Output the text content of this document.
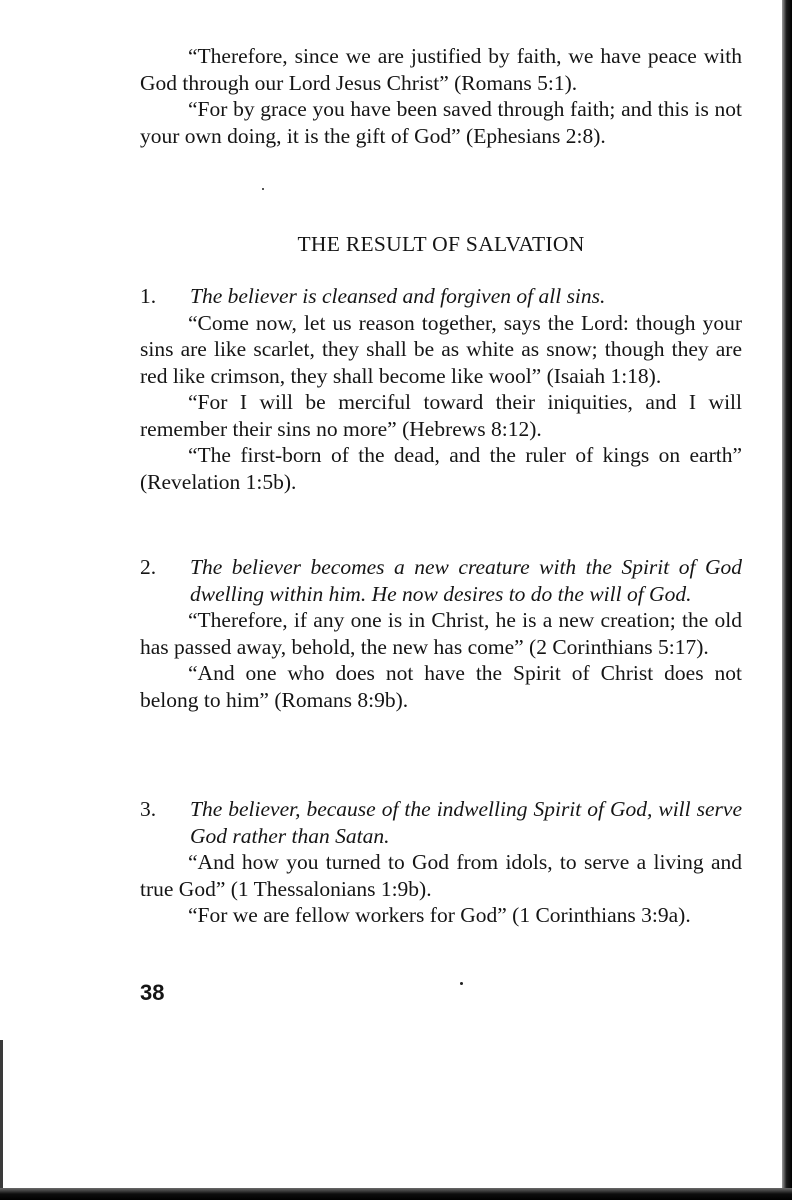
“Therefore, since we are justified by faith, we have peace with God through our Lord Jesus Christ” (Romans 5:1).

“For by grace you have been saved through faith; and this is not your own doing, it is the gift of God” (Ephesians 2:8).

THE RESULT OF SALVATION

1. The believer is cleansed and forgiven of all sins.

“Come now, let us reason together, says the Lord: though your sins are like scarlet, they shall be as white as snow; though they are red like crimson, they shall become like wool” (Isaiah 1:18).

“For I will be merciful toward their iniquities, and I will remember their sins no more” (Hebrews 8:12).

“The first-born of the dead, and the ruler of kings on earth” (Revelation 1:5b).

2. The believer becomes a new creature with the Spirit of God dwelling within him. He now desires to do the will of God.

“Therefore, if any one is in Christ, he is a new creation; the old has passed away, behold, the new has come” (2 Corinthians 5:17).

“And one who does not have the Spirit of Christ does not belong to him” (Romans 8:9b).

3. The believer, because of the indwelling Spirit of God, will serve God rather than Satan.

“And how you turned to God from idols, to serve a living and true God” (1 Thessalonians 1:9b).

“For we are fellow workers for God” (1 Corinthians 3:9a).

38
